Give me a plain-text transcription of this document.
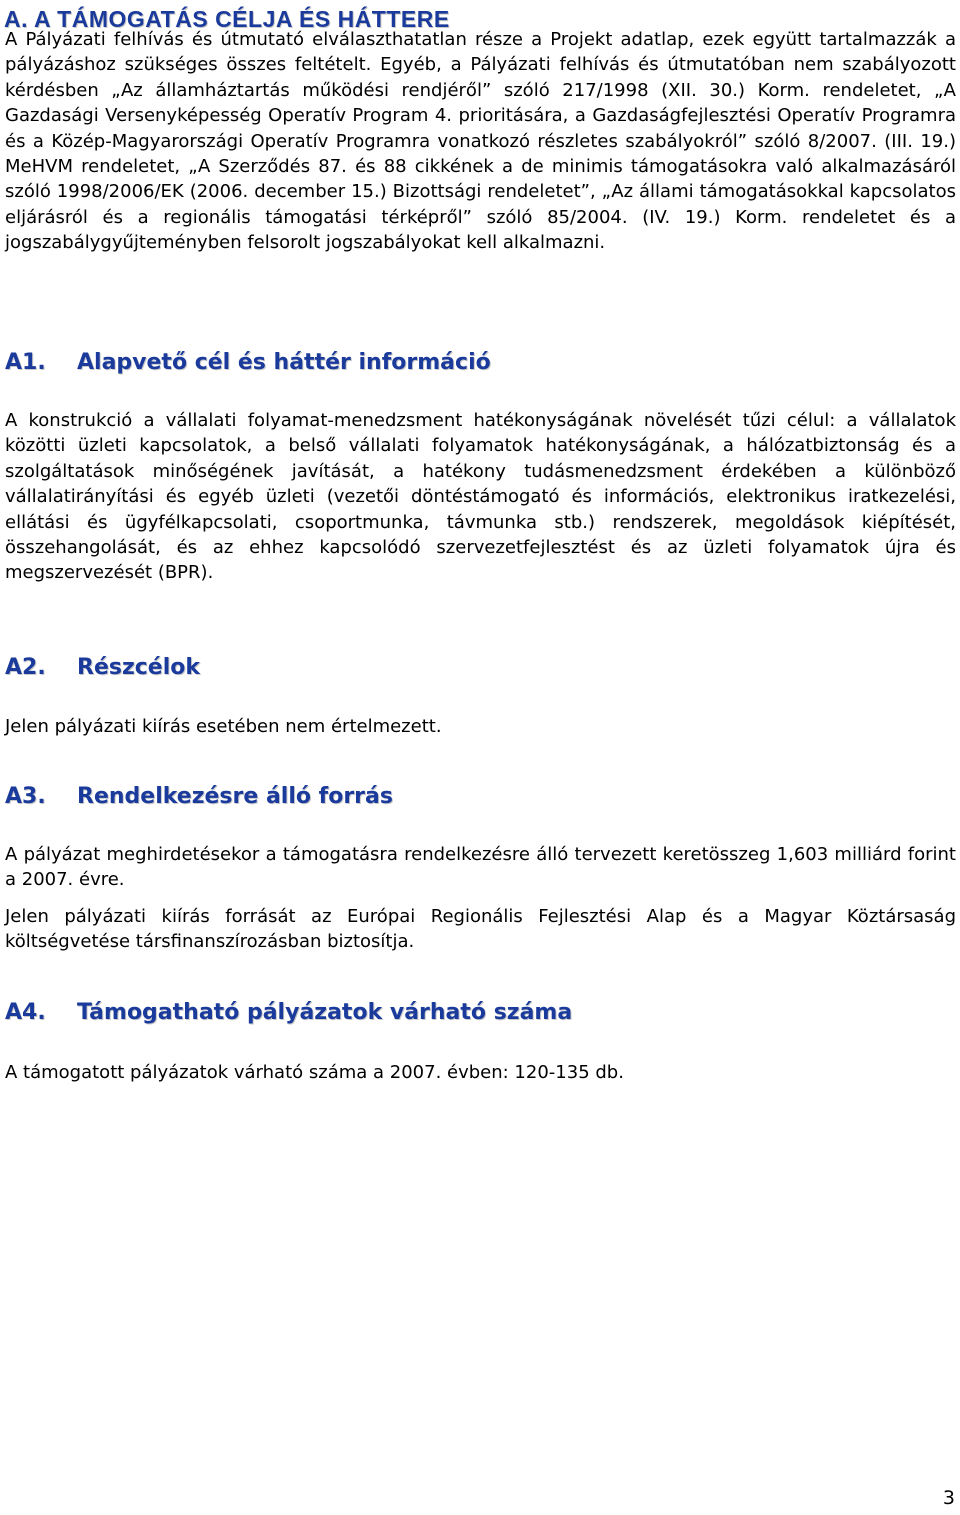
A. A TÁMOGATÁS CÉLJA ÉS HÁTTERE

A Pályázati felhívás és útmutató elválaszthatatlan része a Projekt adatlap, ezek együtt tartalmazzák a pályázáshoz szükséges összes feltételt. Egyéb, a Pályázati felhívás és útmutatóban nem szabályozott kérdésben „Az államháztartás működési rendjéről” szóló 217/1998 (XII. 30.) Korm. rendeletet, „A Gazdasági Versenyképesség Operatív Program 4. prioritására, a Gazdaságfejlesztési Operatív Programra és a Közép-Magyarországi Operatív Programra vonatkozó részletes szabályokról” szóló 8/2007. (III. 19.) MeHVM rendeletet, „A Szerződés 87. és 88 cikkének a de minimis támogatásokra való alkalmazásáról szóló 1998/2006/EK (2006. december 15.) Bizottsági rendeletet”, „Az állami támogatásokkal kapcsolatos eljárásról és a regionális támogatási térképről” szóló 85/2004. (IV. 19.) Korm. rendeletet és a jogszabálygyűjteményben felsorolt jogszabályokat kell alkalmazni.

A1. Alapvető cél és háttér információ

A konstrukció a vállalati folyamat-menedzsment hatékonyságának növelését tűzi célul: a vállalatok közötti üzleti kapcsolatok, a belső vállalati folyamatok hatékonyságának, a hálózatbiztonság és a szolgáltatások minőségének javítását, a hatékony tudásmenedzsment érdekében a különböző vállalatirányítási és egyéb üzleti (vezetői döntéstámogató és információs, elektronikus iratkezelési, ellátási és ügyfélkapcsolati, csoportmunka, távmunka stb.) rendszerek, megoldások kiépítését, összehangolását, és az ehhez kapcsolódó szervezetfejlesztést és az üzleti folyamatok újra és megszervezését (BPR).

A2. Részcélok

Jelen pályázati kiírás esetében nem értelmezett.

A3. Rendelkezésre álló forrás

A pályázat meghirdetésekor a támogatásra rendelkezésre álló tervezett keretösszeg 1,603 milliárd forint a 2007. évre.

Jelen pályázati kiírás forrását az Európai Regionális Fejlesztési Alap és a Magyar Köztársaság költségvetése társfinanszírozásban biztosítja.

A4. Támogatható pályázatok várható száma

A támogatott pályázatok várható száma a 2007. évben: 120-135 db.

3
